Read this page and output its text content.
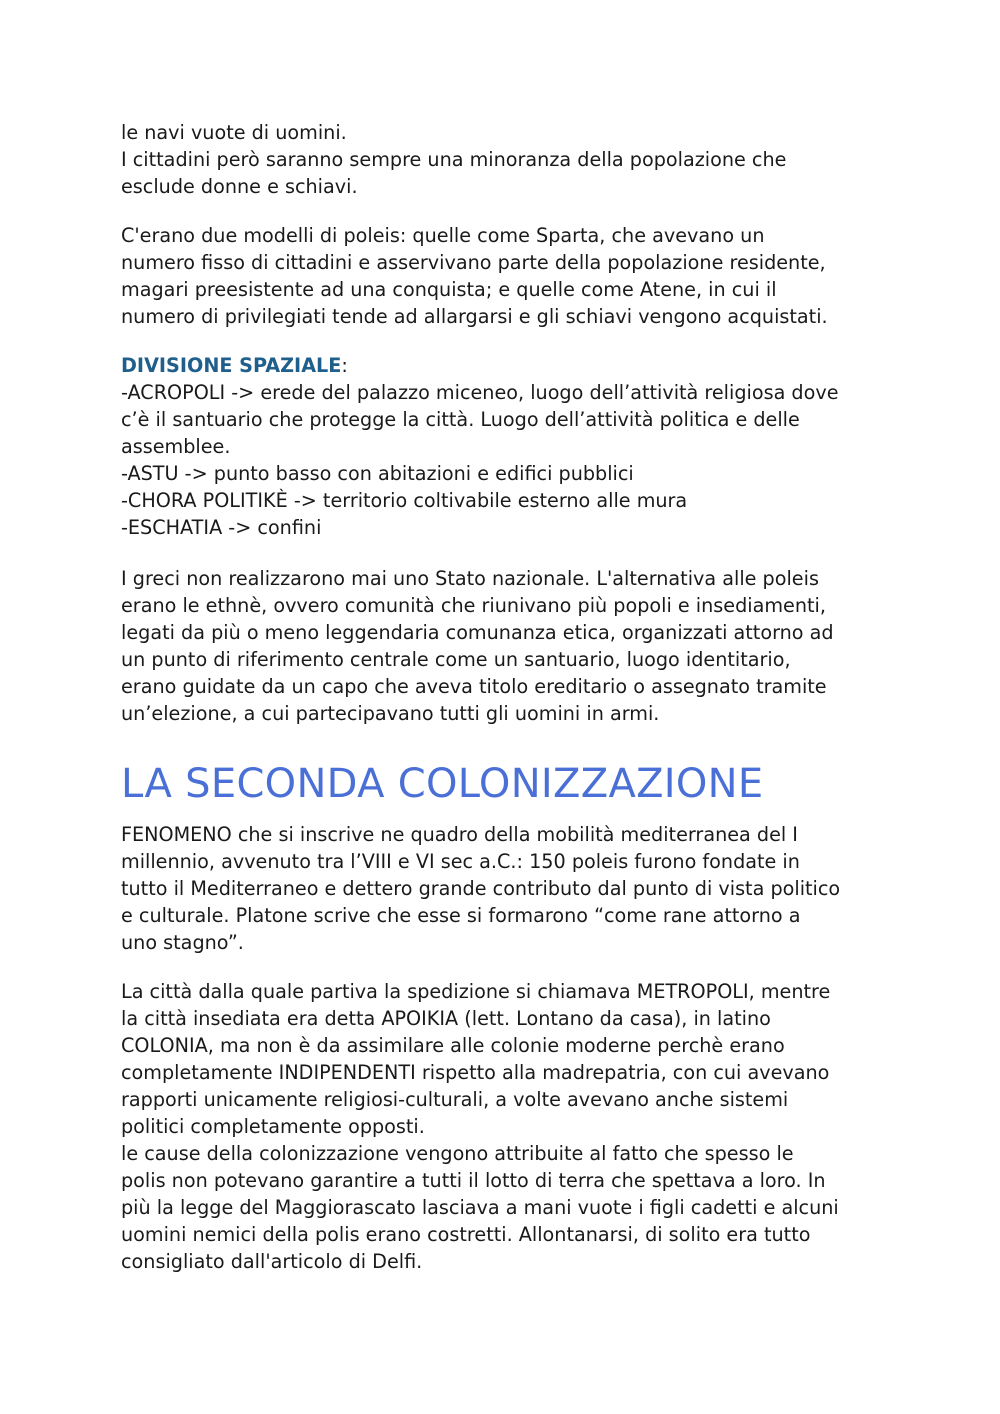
le navi vuote di uomini.
I cittadini però saranno sempre una minoranza della popolazione che
esclude donne e schiavi.

C'erano due modelli di poleis: quelle come Sparta, che avevano un
numero fisso di cittadini e asservivano parte della popolazione residente,
magari preesistente ad una conquista; e quelle come Atene, in cui il
numero di privilegiati tende ad allargarsi e gli schiavi vengono acquistati.

DIVISIONE SPAZIALE:

-ACROPOLI -> erede del palazzo miceneo, luogo dell’attività religiosa dove
c’è il santuario che protegge la città. Luogo dell’attività politica e delle
assemblee.
-ASTU -> punto basso con abitazioni e edifici pubblici
-CHORA POLITIKÈ -> territorio coltivabile esterno alle mura
-ESCHATIA -> confini

I greci non realizzarono mai uno Stato nazionale. L'alternativa alle poleis
erano le ethnè, ovvero comunità che riunivano più popoli e insediamenti,
legati da più o meno leggendaria comunanza etica, organizzati attorno ad
un punto di riferimento centrale come un santuario, luogo identitario,
erano guidate da un capo che aveva titolo ereditario o assegnato tramite
un’elezione, a cui partecipavano tutti gli uomini in armi.

LA SECONDA COLONIZZAZIONE

FENOMENO che si inscrive ne quadro della mobilità mediterranea del I
millennio, avvenuto tra l’VIII e VI sec a.C.: 150 poleis furono fondate in
tutto il Mediterraneo e dettero grande contributo dal punto di vista politico
e culturale. Platone scrive che esse si formarono “come rane attorno a
uno stagno”.

La città dalla quale partiva la spedizione si chiamava METROPOLI, mentre
la città insediata era detta APOIKIA (lett. Lontano da casa), in latino
COLONIA, ma non è da assimilare alle colonie moderne perchè erano
completamente INDIPENDENTI rispetto alla madrepatria, con cui avevano
rapporti unicamente religiosi-culturali, a volte avevano anche sistemi
politici completamente opposti.
le cause della colonizzazione vengono attribuite al fatto che spesso le
polis non potevano garantire a tutti il lotto di terra che spettava a loro. In
più la legge del Maggiorascato lasciava a mani vuote i figli cadetti e alcuni
uomini nemici della polis erano costretti. Allontanarsi, di solito era tutto
consigliato dall'articolo di Delfi.
